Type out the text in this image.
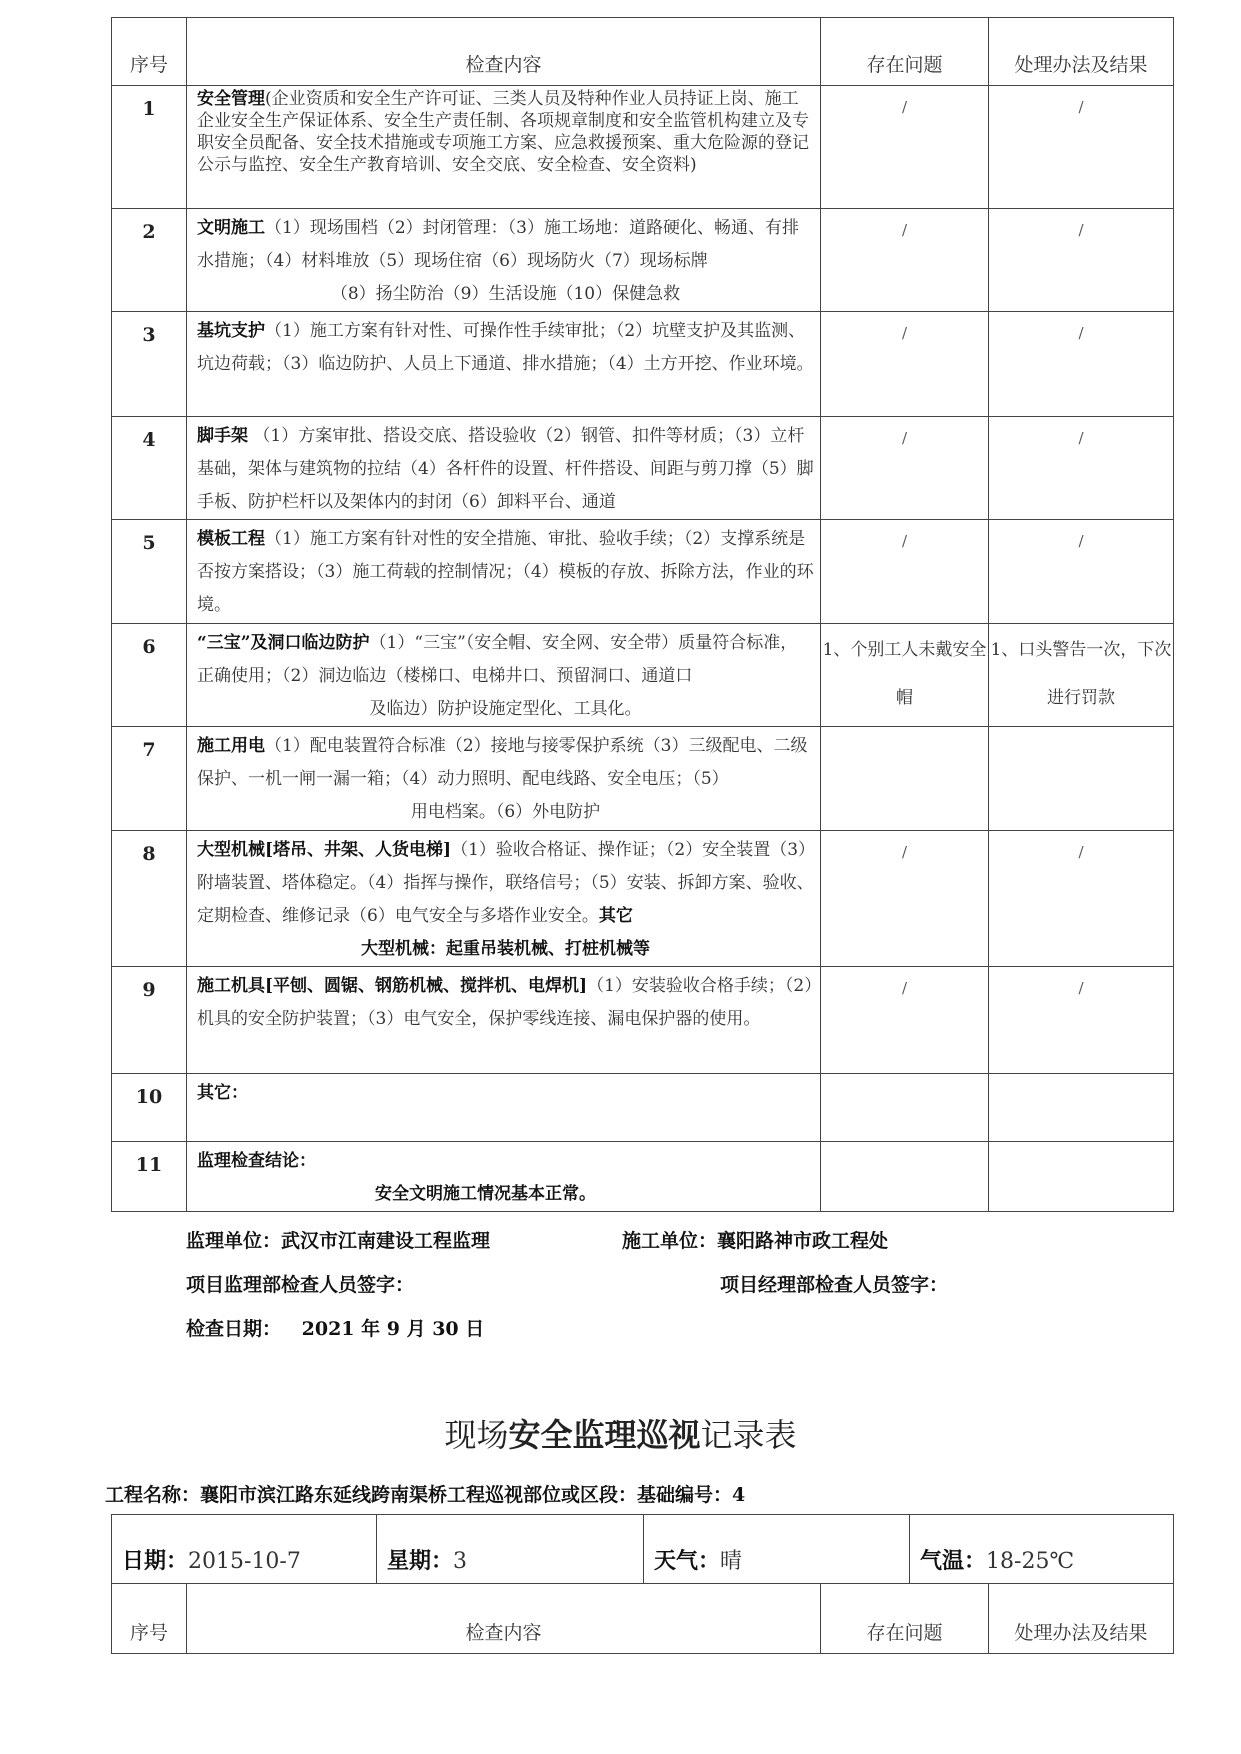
序号	检查内容	存在问题	处理办法及结果
1	安全管理(企业资质和安全生产许可证、三类人员及特种作业人员持证上岗、施工企业安全生产保证体系、安全生产责任制、各项规章制度和安全监管机构建立及专职安全员配备、安全技术措施或专项施工方案、应急救援预案、重大危险源的登记公示与监控、安全生产教育培训、安全交底、安全检查、安全资料)	/	/
2	文明施工（1）现场围档（2）封闭管理：（3）施工场地：道路硬化、畅通、有排水措施；（4）材料堆放（5）现场住宿（6）现场防火（7）现场标牌
（8）扬尘防治（9）生活设施（10）保健急救	/	/
3	基坑支护（1）施工方案有针对性、可操作性手续审批；（2）坑壁支护及其监测、坑边荷载；（3）临边防护、人员上下通道、排水措施；（4）土方开挖、作业环境。	/	/
4	脚手架 （1）方案审批、搭设交底、搭设验收（2）钢管、扣件等材质；（3）立杆基础，架体与建筑物的拉结（4）各杆件的设置、杆件搭设、间距与剪刀撑（5）脚手板、防护栏杆以及架体内的封闭（6）卸料平台、通道	/	/
5	模板工程（1）施工方案有针对性的安全措施、审批、验收手续；（2）支撑系统是否按方案搭设；（3）施工荷载的控制情况；（4）模板的存放、拆除方法，作业的环境。	/	/
6	“三宝”及洞口临边防护（1）“三宝”（安全帽、安全网、安全带）质量符合标准，正确使用；（2）洞边临边（楼梯口、电梯井口、预留洞口、通道口
及临边）防护设施定型化、工具化。	1、个别工人未戴安全帽	1、口头警告一次，下次进行罚款
7	施工用电（1）配电装置符合标准（2）接地与接零保护系统（3）三级配电、二级保护、一机一闸一漏一箱；（4）动力照明、配电线路、安全电压；（5）
用电档案。（6）外电防护		

8	大型机械[塔吊、井架、人货电梯]（1）验收合格证、操作证；（2）安全装置（3）附墙装置、塔体稳定。（4）指挥与操作，联络信号；（5）安装、拆卸方案、验收、定期检查、维修记录（6）电气安全与多塔作业安全。其它
大型机械：起重吊装机械、打桩机械等	/	/
9	施工机具[平刨、圆锯、钢筋机械、搅拌机、电焊机]（1）安装验收合格手续；（2）机具的安全防护装置；（3）电气安全，保护零线连接、漏电保护器的使用。	/	/
10	其它：		
11	监理检查结论：
安全文明施工情况基本正常。		

监理单位：武汉市江南建设工程监理	施工单位：襄阳路神市政工程处
项目监理部检查人员签字：	项目经理部检查人员签字：
检查日期： 2021 年 9 月 30 日
现场安全监理巡视记录表
工程名称：襄阳市滨江路东延线跨南渠桥工程巡视部位或区段：基础编号：4
日期：2015-10-7	星期：3	天气：晴	气温：18-25℃
序号	检查内容	存在问题	处理办法及结果
